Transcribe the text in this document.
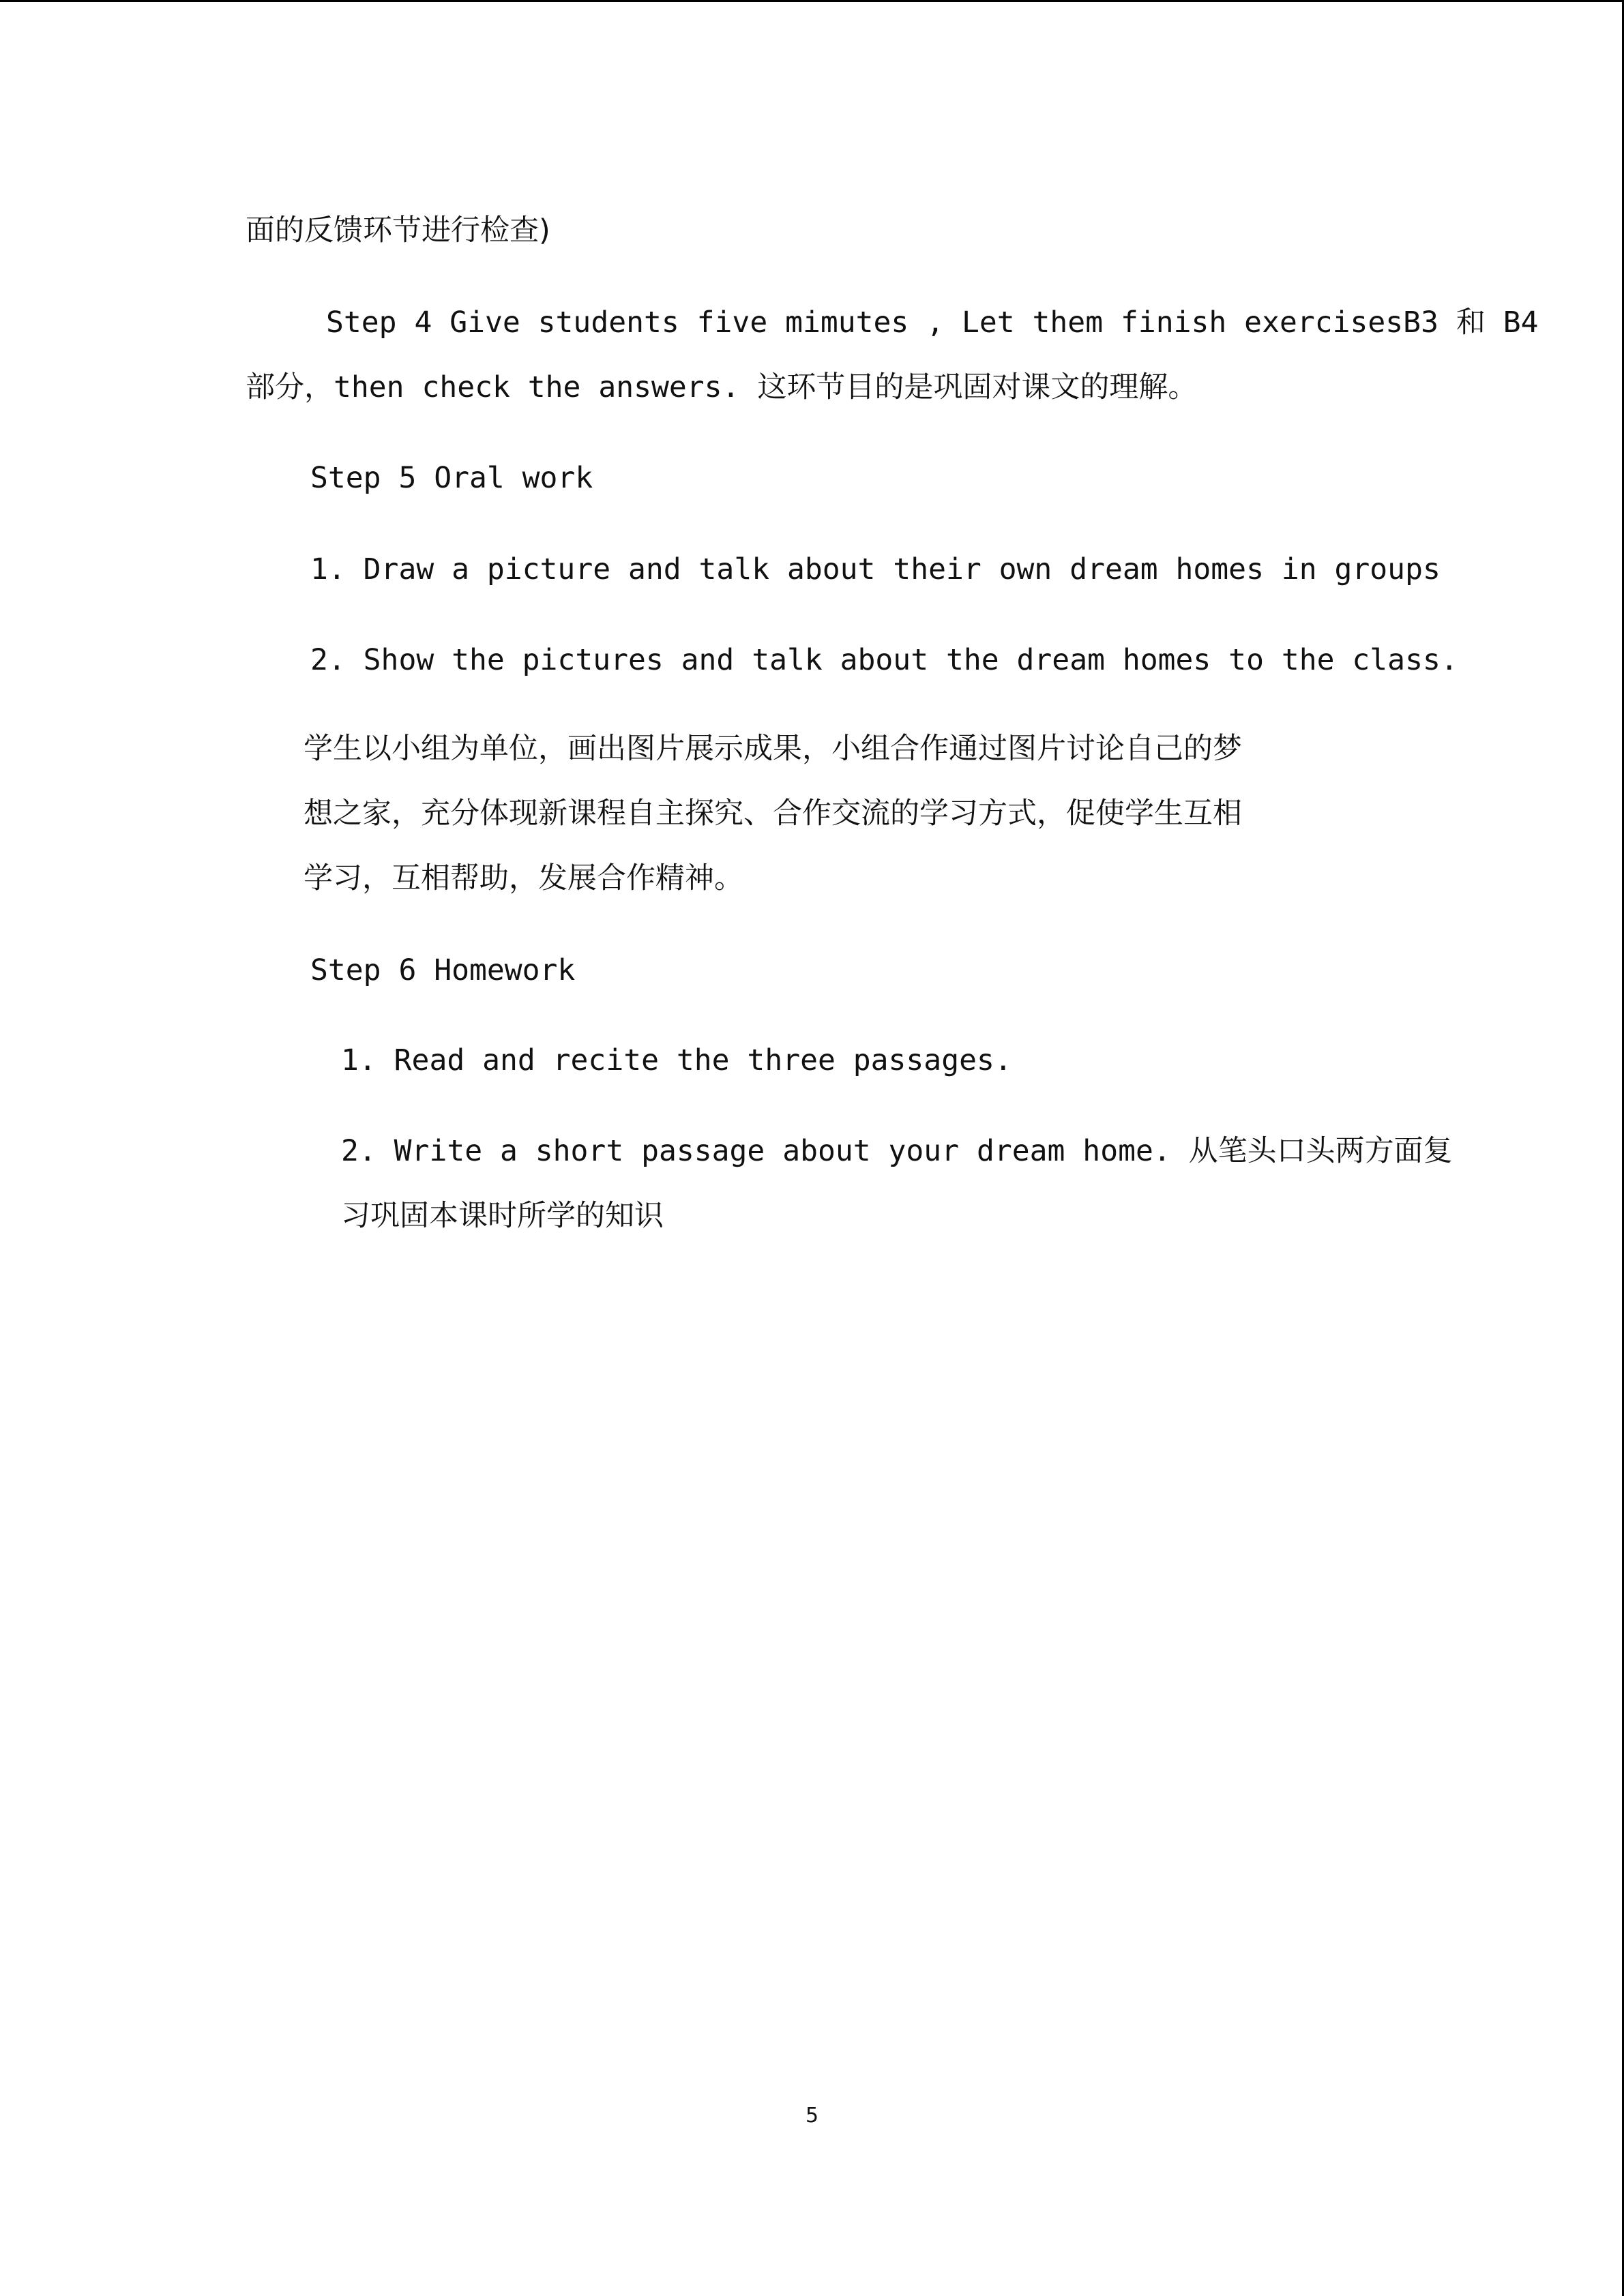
面的反馈环节进行检查)
Step 4 Give students five mimutes , Let them finish exercisesB3 和 B4
部分，then check the answers. 这环节目的是巩固对课文的理解。
Step 5 Oral work
1. Draw a picture and talk about their own dream homes in groups
2. Show the pictures and talk about the dream homes to the class.
学生以小组为单位，画出图片展示成果，小组合作通过图片讨论自己的梦
想之家，充分体现新课程自主探究、合作交流的学习方式，促使学生互相
学习，互相帮助，发展合作精神。
Step 6 Homework
1. Read and recite the three passages.
2. Write a short passage about your dream home. 从笔头口头两方面复
习巩固本课时所学的知识
5
